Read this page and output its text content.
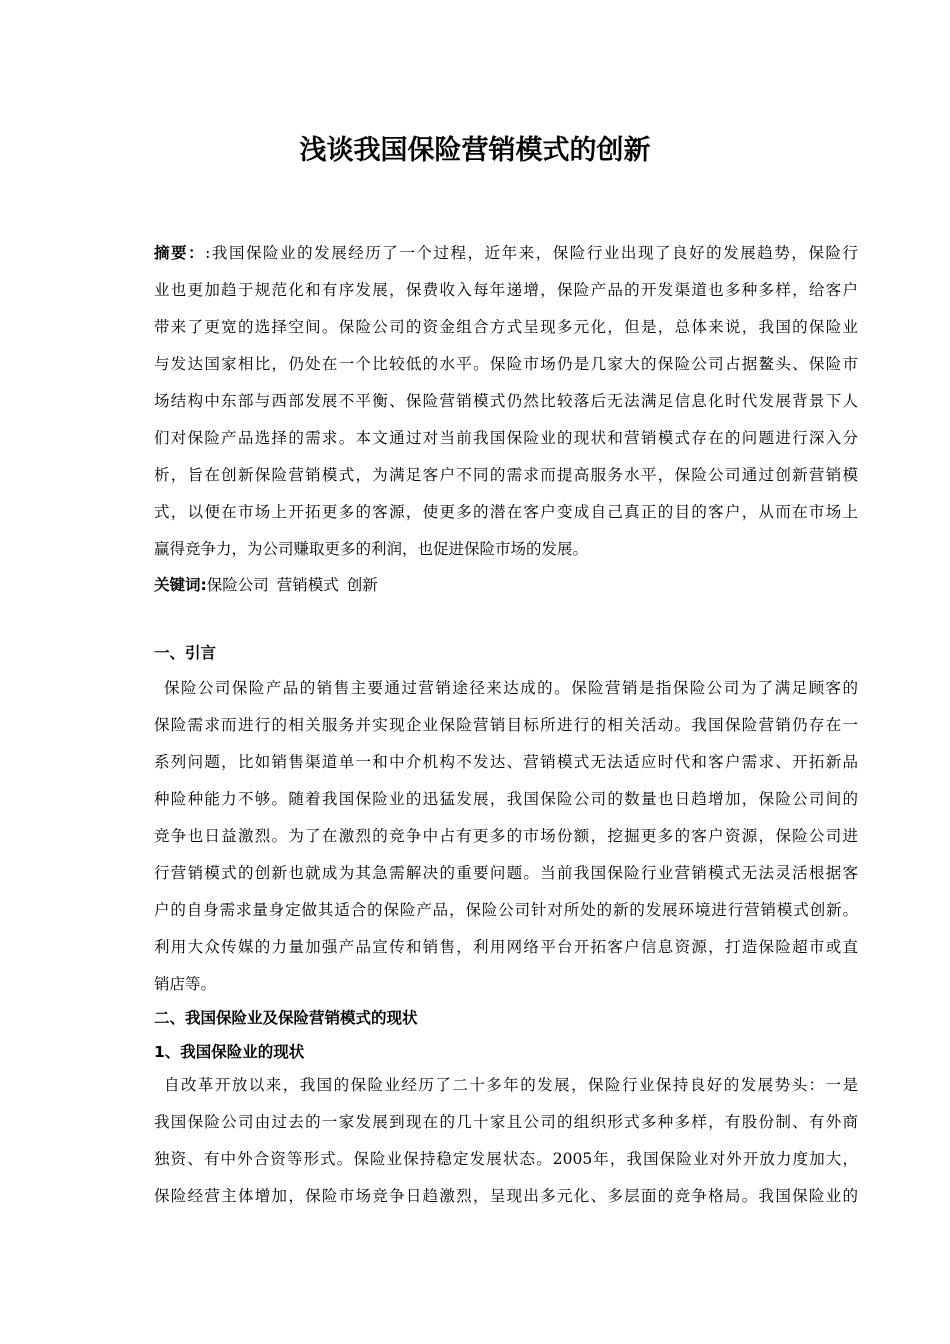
浅谈我国保险营销模式的创新
摘要：:我国保险业的发展经历了一个过程，近年来，保险行业出现了良好的发展趋势，保险行
业也更加趋于规范化和有序发展，保费收入每年递增，保险产品的开发渠道也多种多样，给客户
带来了更宽的选择空间。保险公司的资金组合方式呈现多元化，但是，总体来说，我国的保险业
与发达国家相比，仍处在一个比较低的水平。保险市场仍是几家大的保险公司占据鳌头、保险市
场结构中东部与西部发展不平衡、保险营销模式仍然比较落后无法满足信息化时代发展背景下人
们对保险产品选择的需求。本文通过对当前我国保险业的现状和营销模式存在的问题进行深入分
析，旨在创新保险营销模式，为满足客户不同的需求而提高服务水平，保险公司通过创新营销模
式，以便在市场上开拓更多的客源，使更多的潜在客户变成自己真正的目的客户，从而在市场上
赢得竞争力，为公司赚取更多的利润，也促进保险市场的发展。
关键词:保险公司 营销模式 创新
一、引言
保险公司保险产品的销售主要通过营销途径来达成的。保险营销是指保险公司为了满足顾客的
保险需求而进行的相关服务并实现企业保险营销目标所进行的相关活动。我国保险营销仍存在一
系列问题，比如销售渠道单一和中介机构不发达、营销模式无法适应时代和客户需求、开拓新品
种险种能力不够。随着我国保险业的迅猛发展，我国保险公司的数量也日趋增加，保险公司间的
竞争也日益激烈。为了在激烈的竞争中占有更多的市场份额，挖掘更多的客户资源，保险公司进
行营销模式的创新也就成为其急需解决的重要问题。当前我国保险行业营销模式无法灵活根据客
户的自身需求量身定做其适合的保险产品，保险公司针对所处的新的发展环境进行营销模式创新。
利用大众传媒的力量加强产品宣传和销售，利用网络平台开拓客户信息资源，打造保险超市或直
销店等。
二、我国保险业及保险营销模式的现状
1、我国保险业的现状
自改革开放以来，我国的保险业经历了二十多年的发展，保险行业保持良好的发展势头：一是
我国保险公司由过去的一家发展到现在的几十家且公司的组织形式多种多样，有股份制、有外商
独资、有中外合资等形式。保险业保持稳定发展状态。2005年，我国保险业对外开放力度加大，
保险经营主体增加，保险市场竞争日趋激烈，呈现出多元化、多层面的竞争格局。我国保险业的
